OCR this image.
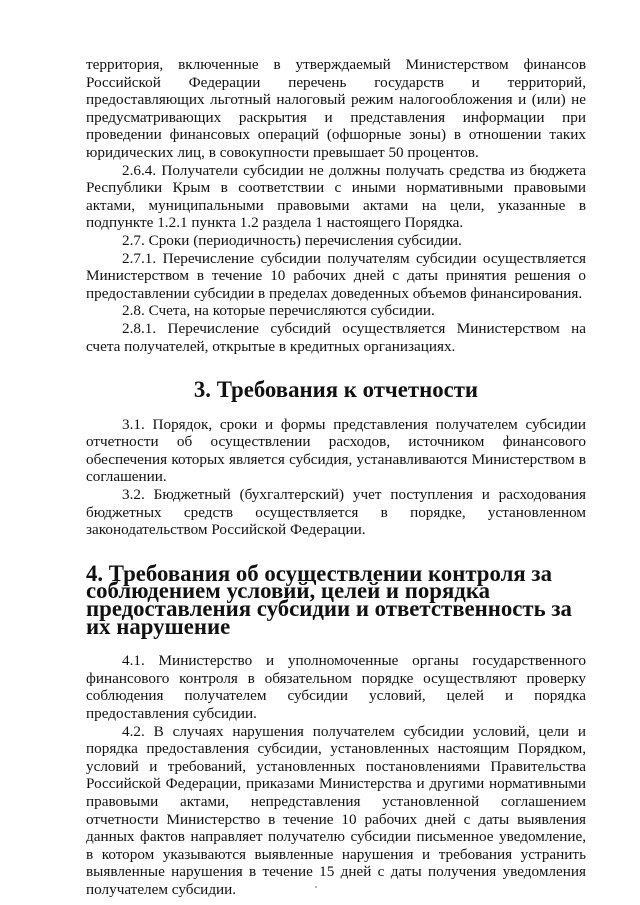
территория, включенные в утверждаемый Министерством финансов Российской Федерации перечень государств и территорий, предоставляющих льготный налоговый режим налогообложения и (или) не предусматривающих раскрытия и представления информации при проведении финансовых операций (офшорные зоны) в отношении таких юридических лиц, в совокупности превышает 50 процентов.

2.6.4. Получатели субсидии не должны получать средства из бюджета Республики Крым в соответствии с иными нормативными правовыми актами, муниципальными правовыми актами на цели, указанные в подпункте 1.2.1 пункта 1.2 раздела 1 настоящего Порядка.

2.7. Сроки (периодичность) перечисления субсидии.

2.7.1. Перечисление субсидии получателям субсидии осуществляется Министерством в течение 10 рабочих дней с даты принятия решения о предоставлении субсидии в пределах доведенных объемов финансирования.

2.8. Счета, на которые перечисляются субсидии.

2.8.1. Перечисление субсидий осуществляется Министерством на счета получателей, открытые в кредитных организациях.

3. Требования к отчетности

3.1. Порядок, сроки и формы представления получателем субсидии отчетности об осуществлении расходов, источником финансового обеспечения которых является субсидия, устанавливаются Министерством в соглашении.

3.2. Бюджетный (бухгалтерский) учет поступления и расходования бюджетных средств осуществляется в порядке, установленном законодательством Российской Федерации.

4. Требования об осуществлении контроля за соблюдением условий, целей и порядка предоставления субсидии и ответственность за их нарушение

4.1. Министерство и уполномоченные органы государственного финансового контроля в обязательном порядке осуществляют проверку соблюдения получателем субсидии условий, целей и порядка предоставления субсидии.

4.2. В случаях нарушения получателем субсидии условий, цели и порядка предоставления субсидии, установленных настоящим Порядком, условий и требований, установленных постановлениями Правительства Российской Федерации, приказами Министерства и другими нормативными правовыми актами, непредставления установленной соглашением отчетности Министерство в течение 10 рабочих дней с даты выявления данных фактов направляет получателю субсидии письменное уведомление, в котором указываются выявленные нарушения и требования устранить выявленные нарушения в течение 15 дней с даты получения уведомления получателем субсидии.
